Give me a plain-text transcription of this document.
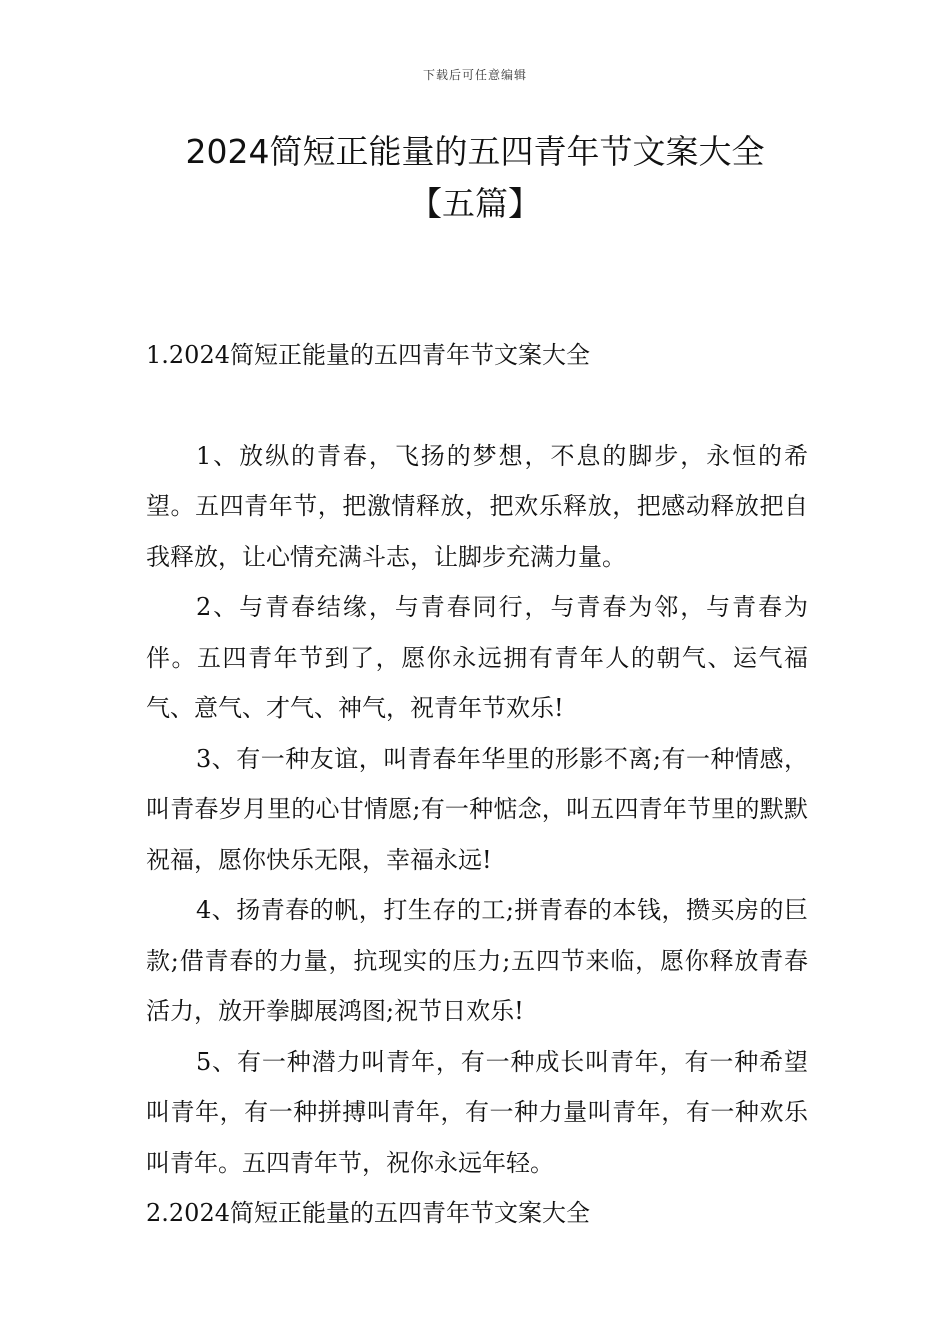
下载后可任意编辑
2024简短正能量的五四青年节文案大全
【五篇】
1.2024简短正能量的五四青年节文案大全

1、放纵的青春，飞扬的梦想，不息的脚步，永恒的希望。五四青年节，把激情释放，把欢乐释放，把感动释放把自我释放，让心情充满斗志，让脚步充满力量。

2、与青春结缘，与青春同行，与青春为邻，与青春为伴。五四青年节到了，愿你永远拥有青年人的朝气、运气福气、意气、才气、神气，祝青年节欢乐!

3、有一种友谊，叫青春年华里的形影不离;有一种情感，叫青春岁月里的心甘情愿;有一种惦念，叫五四青年节里的默默祝福，愿你快乐无限，幸福永远!

4、扬青春的帆，打生存的工;拼青春的本钱，攒买房的巨款;借青春的力量，抗现实的压力;五四节来临，愿你释放青春活力，放开拳脚展鸿图;祝节日欢乐!

5、有一种潜力叫青年，有一种成长叫青年，有一种希望叫青年，有一种拼搏叫青年，有一种力量叫青年，有一种欢乐叫青年。五四青年节，祝你永远年轻。

2.2024简短正能量的五四青年节文案大全
